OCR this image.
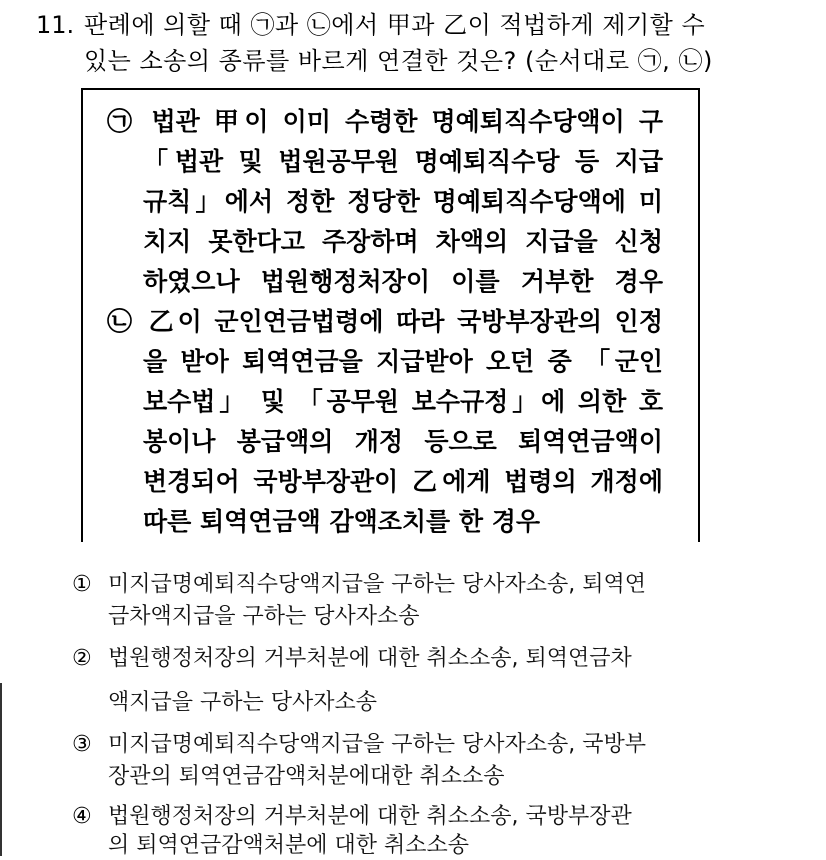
11. 판례에 의할 때 ㉠과 ㉡에서 甲과 乙이 적법하게 제기할 수
있는 소송의 종류를 바르게 연결한 것은? (순서대로 ㉠, ㉡)
㉠ 법관 甲이 이미 수령한 명예퇴직수당액이 구
「법관 및 법원공무원 명예퇴직수당 등 지급
규칙」에서 정한 정당한 명예퇴직수당액에 미
치지 못한다고 주장하며 차액의 지급을 신청
하였으나 법원행정처장이 이를 거부한 경우
㉡ 乙이 군인연금법령에 따라 국방부장관의 인정
을 받아 퇴역연금을 지급받아 오던 중 「군인
보수법」 및 「공무원 보수규정」에 의한 호
봉이나 봉급액의 개정 등으로 퇴역연금액이
변경되어 국방부장관이 乙에게 법령의 개정에
따른 퇴역연금액 감액조치를 한 경우
① 미지급명예퇴직수당액지급을 구하는 당사자소송, 퇴역연
금차액지급을 구하는 당사자소송
② 법원행정처장의 거부처분에 대한 취소소송, 퇴역연금차
액지급을 구하는 당사자소송
③ 미지급명예퇴직수당액지급을 구하는 당사자소송, 국방부
장관의 퇴역연금감액처분에대한 취소소송
④ 법원행정처장의 거부처분에 대한 취소소송, 국방부장관
의 퇴역연금감액처분에 대한 취소소송
